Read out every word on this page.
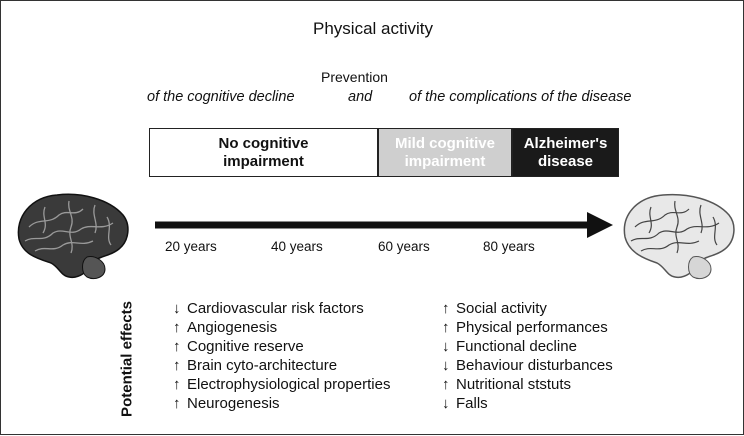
Physical activity
Prevention
of the cognitive decline	and	of the complications of the disease
No cognitive
impairment
Mild cognitive
impairment
Alzheimer's
disease
20 years	40 years	60 years	80 years
Potential effects	↓ Cardiovascular risk factors
↑ Angiogenesis
↑ Cognitive reserve
↑ Brain cyto-architecture
↑ Electrophysiological properties
↑ Neurogenesis
↑ Social activity
↑ Physical performances
↓ Functional decline
↓ Behaviour disturbances
↑ Nutritional ststuts
↓ Falls
